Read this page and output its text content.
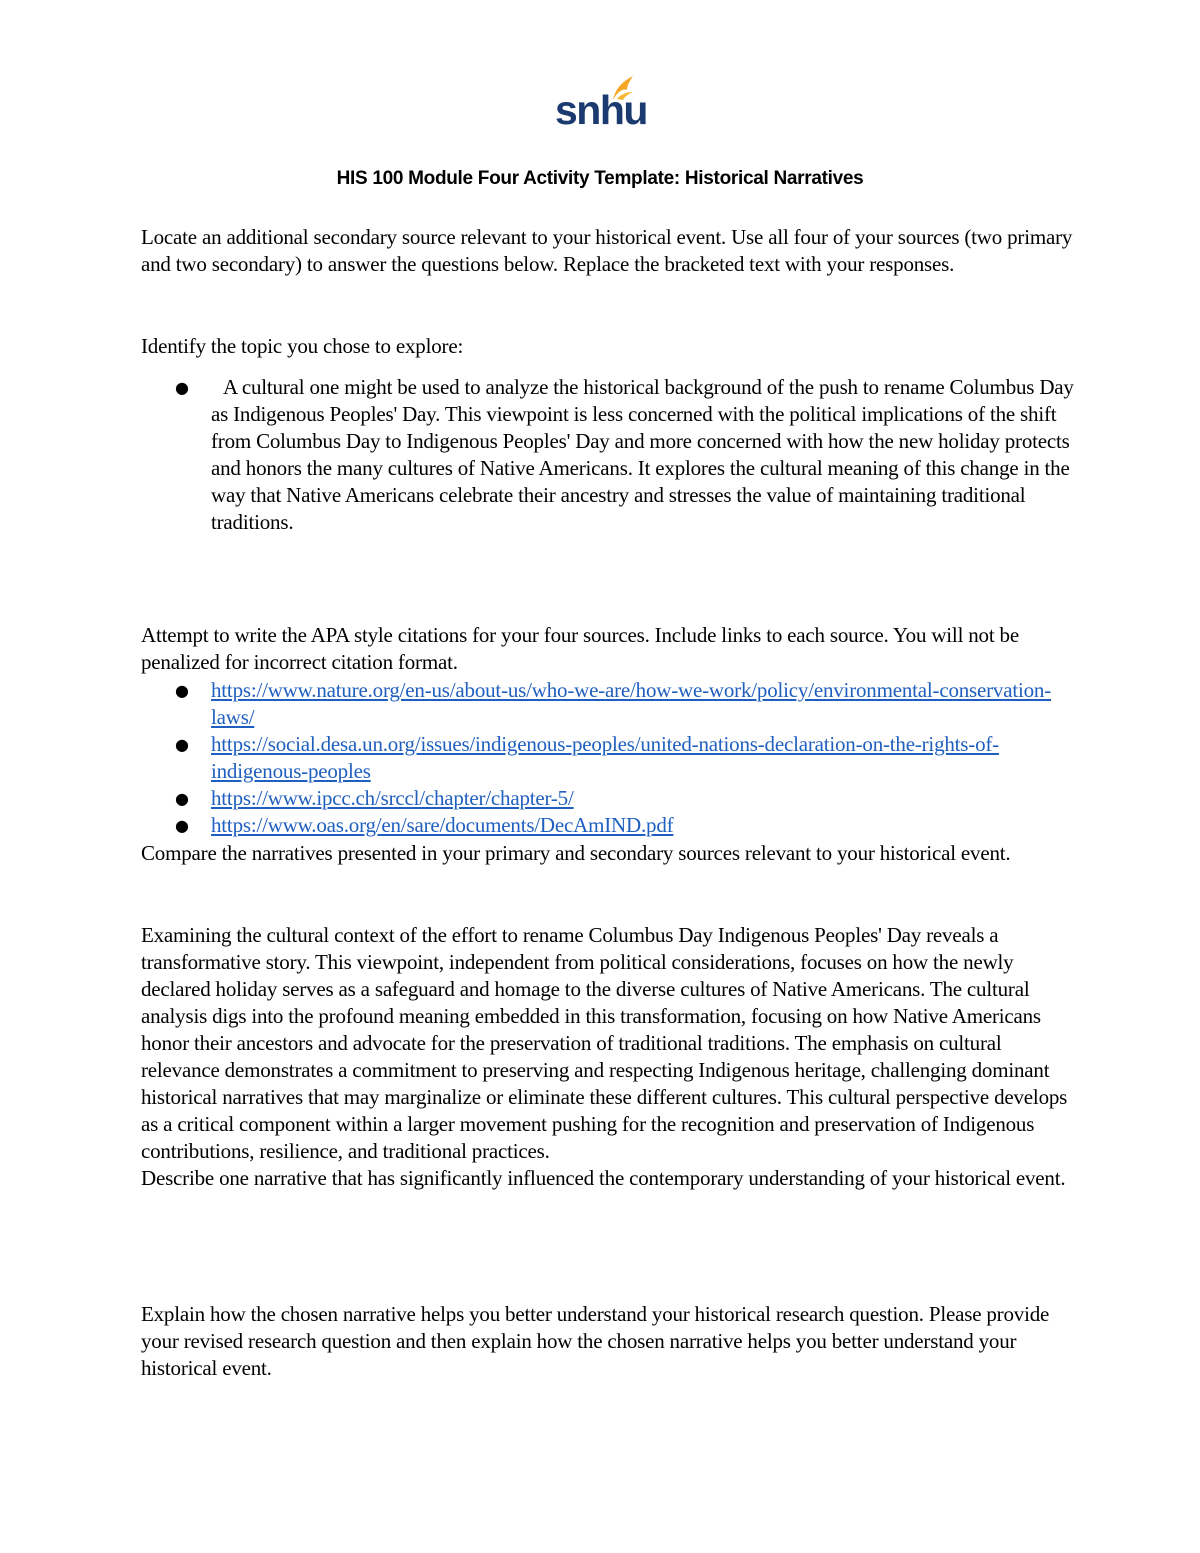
snhu
HIS 100 Module Four Activity Template: Historical Narratives

Locate an additional secondary source relevant to your historical event. Use all four of your sources (two primary and two secondary) to answer the questions below. Replace the bracketed text with your responses.

Identify the topic you chose to explore:

● A cultural one might be used to analyze the historical background of the push to rename Columbus Day as Indigenous Peoples' Day. This viewpoint is less concerned with the political implications of the shift from Columbus Day to Indigenous Peoples' Day and more concerned with how the new holiday protects and honors the many cultures of Native Americans. It explores the cultural meaning of this change in the way that Native Americans celebrate their ancestry and stresses the value of maintaining traditional traditions.

Attempt to write the APA style citations for your four sources. Include links to each source. You will not be penalized for incorrect citation format.

● https://www.nature.org/en-us/about-us/who-we-are/how-we-work/policy/environmental-conservation-laws/
● https://social.desa.un.org/issues/indigenous-peoples/united-nations-declaration-on-the-rights-of-indigenous-peoples
● https://www.ipcc.ch/srccl/chapter/chapter-5/
● https://www.oas.org/en/sare/documents/DecAmIND.pdf

Compare the narratives presented in your primary and secondary sources relevant to your historical event.

Examining the cultural context of the effort to rename Columbus Day Indigenous Peoples' Day reveals a transformative story. This viewpoint, independent from political considerations, focuses on how the newly declared holiday serves as a safeguard and homage to the diverse cultures of Native Americans. The cultural analysis digs into the profound meaning embedded in this transformation, focusing on how Native Americans honor their ancestors and advocate for the preservation of traditional traditions. The emphasis on cultural relevance demonstrates a commitment to preserving and respecting Indigenous heritage, challenging dominant historical narratives that may marginalize or eliminate these different cultures. This cultural perspective develops as a critical component within a larger movement pushing for the recognition and preservation of Indigenous contributions, resilience, and traditional practices.

Describe one narrative that has significantly influenced the contemporary understanding of your historical event.

Explain how the chosen narrative helps you better understand your historical research question. Please provide your revised research question and then explain how the chosen narrative helps you better understand your historical event.
